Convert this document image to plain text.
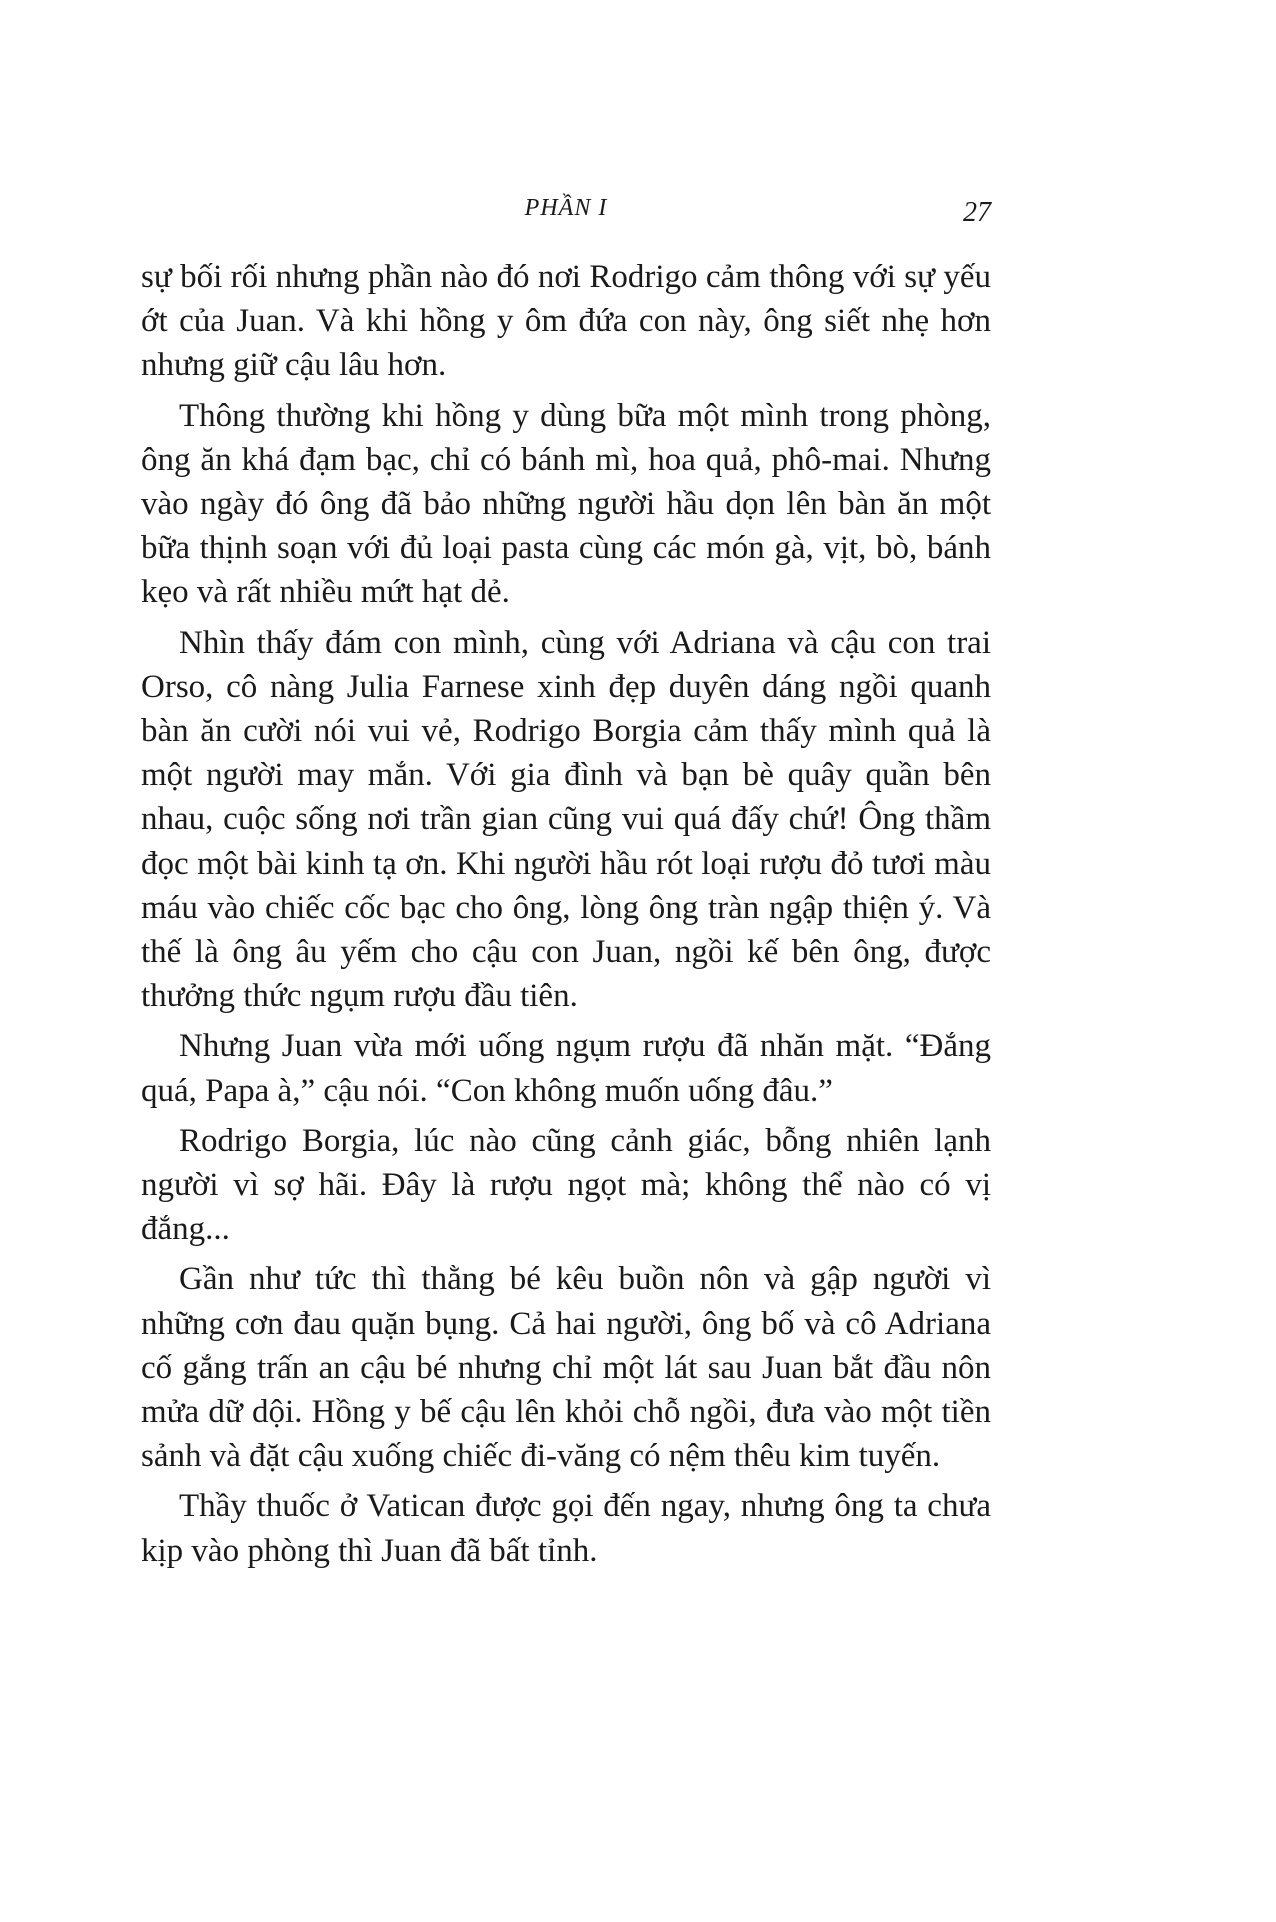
PHẦN I	27

sự bối rối nhưng phần nào đó nơi Rodrigo cảm thông với sự yếu ớt của Juan. Và khi hồng y ôm đứa con này, ông siết nhẹ hơn nhưng giữ cậu lâu hơn.

Thông thường khi hồng y dùng bữa một mình trong phòng, ông ăn khá đạm bạc, chỉ có bánh mì, hoa quả, phô-mai. Nhưng vào ngày đó ông đã bảo những người hầu dọn lên bàn ăn một bữa thịnh soạn với đủ loại pasta cùng các món gà, vịt, bò, bánh kẹo và rất nhiều mứt hạt dẻ.

Nhìn thấy đám con mình, cùng với Adriana và cậu con trai Orso, cô nàng Julia Farnese xinh đẹp duyên dáng ngồi quanh bàn ăn cười nói vui vẻ, Rodrigo Borgia cảm thấy mình quả là một người may mắn. Với gia đình và bạn bè quây quần bên nhau, cuộc sống nơi trần gian cũng vui quá đấy chứ! Ông thầm đọc một bài kinh tạ ơn. Khi người hầu rót loại rượu đỏ tươi màu máu vào chiếc cốc bạc cho ông, lòng ông tràn ngập thiện ý. Và thế là ông âu yếm cho cậu con Juan, ngồi kế bên ông, được thưởng thức ngụm rượu đầu tiên.

Nhưng Juan vừa mới uống ngụm rượu đã nhăn mặt. “Đắng quá, Papa à,” cậu nói. “Con không muốn uống đâu.”

Rodrigo Borgia, lúc nào cũng cảnh giác, bỗng nhiên lạnh người vì sợ hãi. Đây là rượu ngọt mà; không thể nào có vị đắng...

Gần như tức thì thằng bé kêu buồn nôn và gập người vì những cơn đau quặn bụng. Cả hai người, ông bố và cô Adriana cố gắng trấn an cậu bé nhưng chỉ một lát sau Juan bắt đầu nôn mửa dữ dội. Hồng y bế cậu lên khỏi chỗ ngồi, đưa vào một tiền sảnh và đặt cậu xuống chiếc đi-văng có nệm thêu kim tuyến.

Thầy thuốc ở Vatican được gọi đến ngay, nhưng ông ta chưa kịp vào phòng thì Juan đã bất tỉnh.
